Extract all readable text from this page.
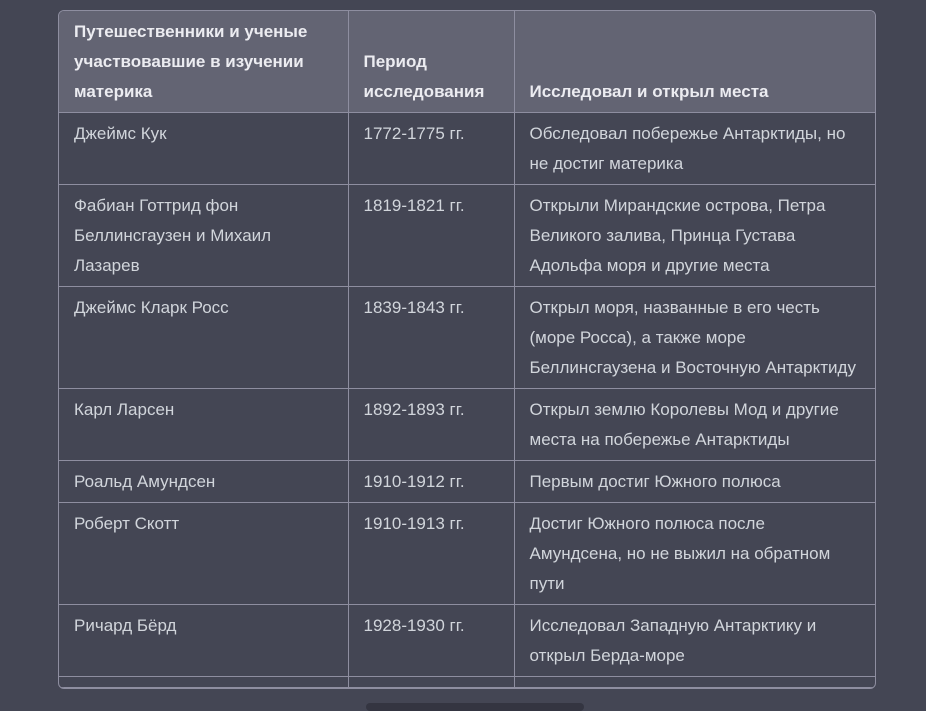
Путешественники и ученые участвовавшие в изучении материка	Период исследования	Исследовал и открыл места
Джеймс Кук	1772-1775 гг.	Обследовал побережье Антарктиды, но не достиг материка
Фабиан Готтрид фон Беллинсгаузен и Михаил Лазарев	1819-1821 гг.	Открыли Мирандские острова, Петра Великого залива, Принца Густава Адольфа моря и другие места
Джеймс Кларк Росс	1839-1843 гг.	Открыл моря, названные в его честь (море Росса), а также море Беллинсгаузена и Восточную Антарктиду
Карл Ларсен	1892-1893 гг.	Открыл землю Королевы Мод и другие места на побережье Антарктиды
Роальд Амундсен	1910-1912 гг.	Первым достиг Южного полюса
Роберт Скотт	1910-1913 гг.	Достиг Южного полюса после Амундсена, но не выжил на обратном пути
Ричард Бёрд	1928-1930 гг.	Исследовал Западную Антарктику и открыл Берда-море
